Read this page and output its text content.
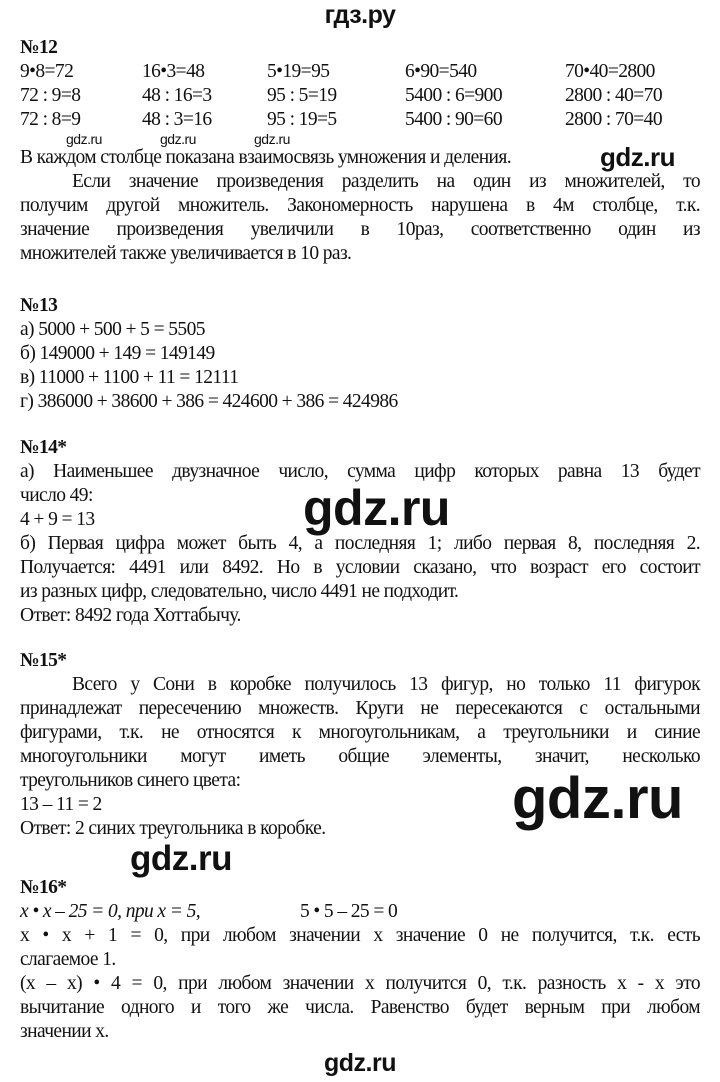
гдз.ру
№12
9•8=72	16•3=48	5•19=95	6•90=540	70•40=2800
72 : 9=8	48 : 16=3	95 : 5=19	5400 : 6=900	2800 : 40=70
72 : 8=9	48 : 3=16	95 : 19=5	5400 : 90=60	2800 : 70=40
В каждом столбце показана взаимосвязь умножения и деления.
Если значение произведения разделить на один из множителей, то
получим другой множитель. Закономерность нарушена в 4м столбце, т.к.
значение произведения увеличили в 10раз, соответственно один из
множителей также увеличивается в 10 раз.
№13
а) 5000 + 500 + 5 = 5505
б) 149000 + 149 = 149149
в) 11000 + 1100 + 11 = 12111
г) 386000 + 38600 + 386 = 424600 + 386 = 424986
№14*
а) Наименьшее двузначное число, сумма цифр которых равна 13 будет
число 49:
4 + 9 = 13
б) Первая цифра может быть 4, а последняя 1; либо первая 8, последняя 2.
Получается: 4491 или 8492. Но в условии сказано, что возраст его состоит
из разных цифр, следовательно, число 4491 не подходит.
Ответ: 8492 года Хоттабычу.
№15*
Всего у Сони в коробке получилось 13 фигур, но только 11 фигурок
принадлежат пересечению множеств. Круги не пересекаются с остальными
фигурами, т.к. не относятся к многоугольникам, а треугольники и синие
многоугольники могут иметь общие элементы, значит, несколько
треугольников синего цвета:
13 – 11 = 2
Ответ: 2 синих треугольника в коробке.
№16*
x • x – 25 = 0, при x = 5,	5 • 5 – 25 = 0
x • x + 1 = 0, при любом значении x значение 0 не получится, т.к. есть
слагаемое 1.
(x – x) • 4 = 0, при любом значении x получится 0, т.к. разность x - x это
вычитание одного и того же числа. Равенство будет верным при любом
значении x.
gdz.ru	gdz.ru	gdz.ru
gdz.ru
gdz.ru
gdz.ru
gdz.ru
gdz.ru
